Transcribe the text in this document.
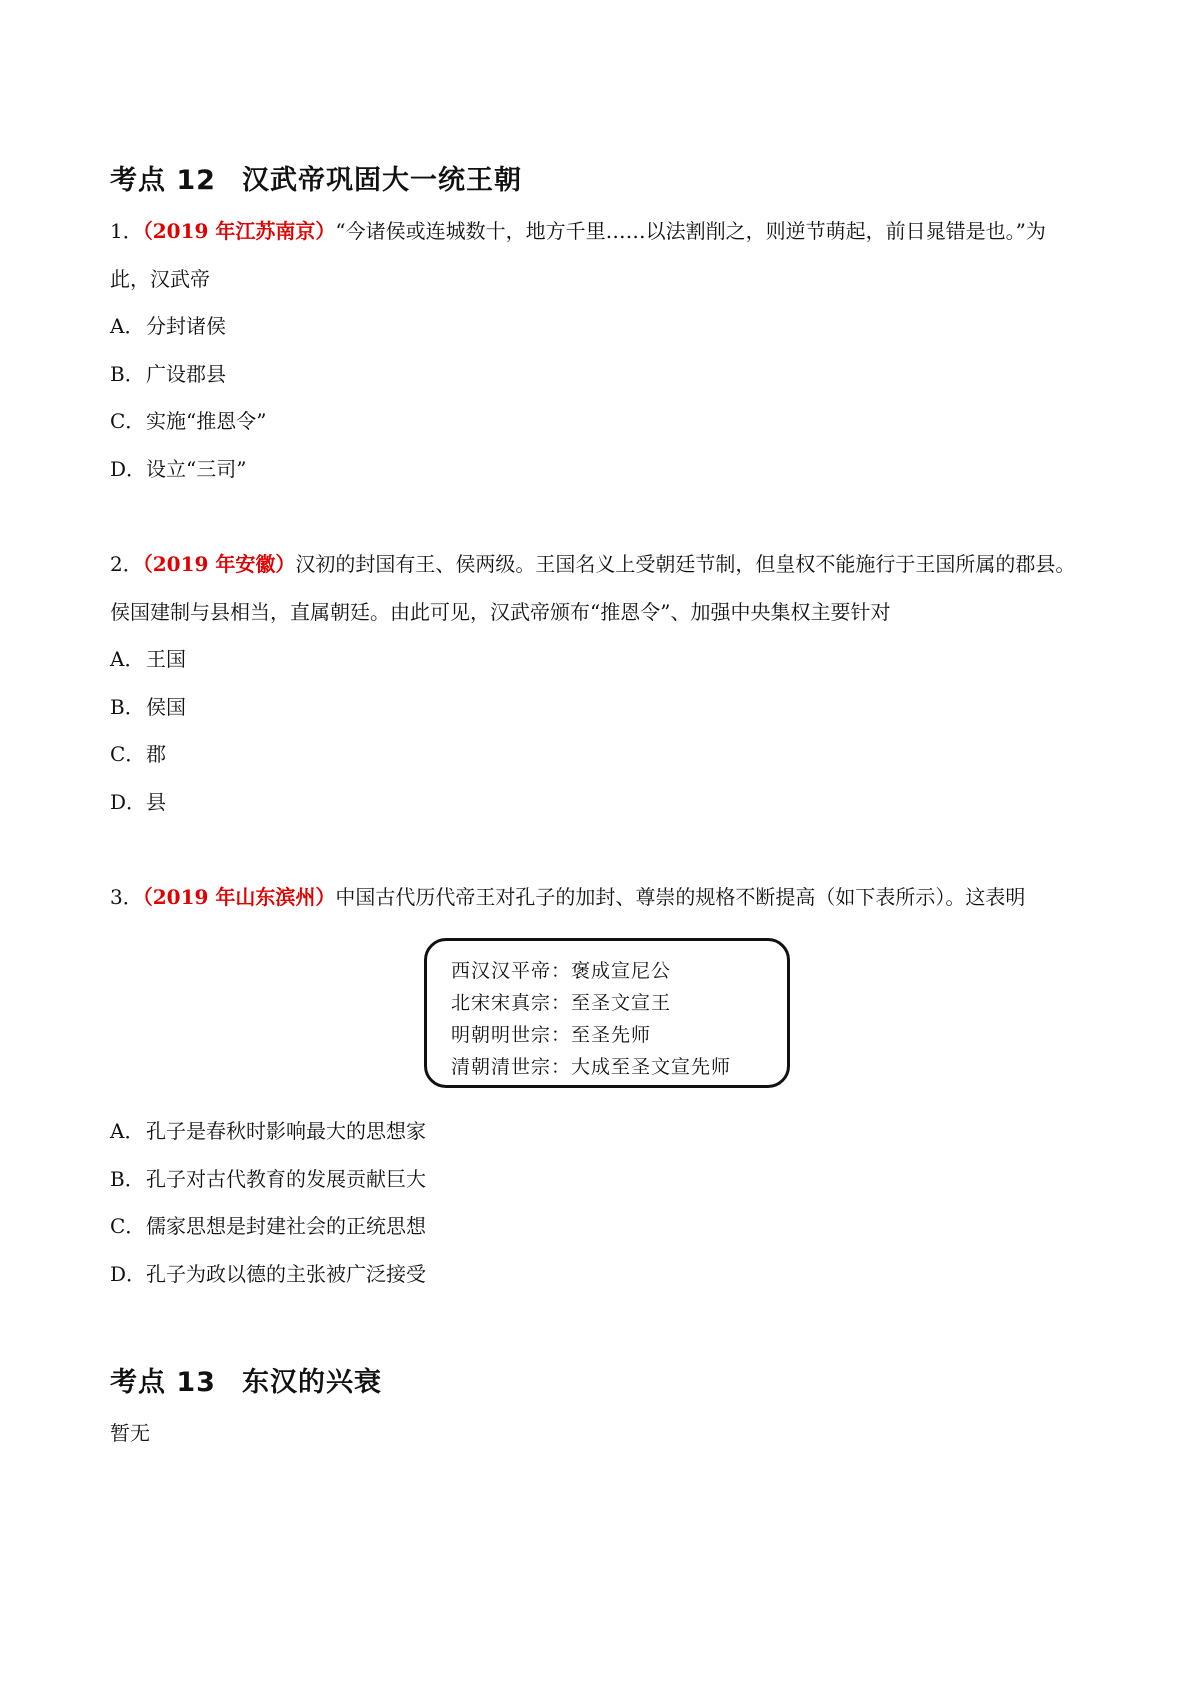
考点 12 汉武帝巩固大一统王朝
1．（2019 年江苏南京）“今诸侯或连城数十，地方千里……以法割削之，则逆节萌起，前日晁错是也。”为
此，汉武帝
A．分封诸侯
B．广设郡县
C．实施“推恩令”
D．设立“三司”
2．（2019 年安徽）汉初的封国有王、侯两级。王国名义上受朝廷节制，但皇权不能施行于王国所属的郡县。
侯国建制与县相当，直属朝廷。由此可见，汉武帝颁布“推恩令”、加强中央集权主要针对
A．王国
B．侯国
C．郡
D．县
3．（2019 年山东滨州）中国古代历代帝王对孔子的加封、尊崇的规格不断提高（如下表所示）。这表明
西汉汉平帝：褒成宣尼公
北宋宋真宗：至圣文宣王
明朝明世宗：至圣先师
清朝清世宗：大成至圣文宣先师
A．孔子是春秋时影响最大的思想家
B．孔子对古代教育的发展贡献巨大
C．儒家思想是封建社会的正统思想
D．孔子为政以德的主张被广泛接受
考点 13 东汉的兴衰
暂无
